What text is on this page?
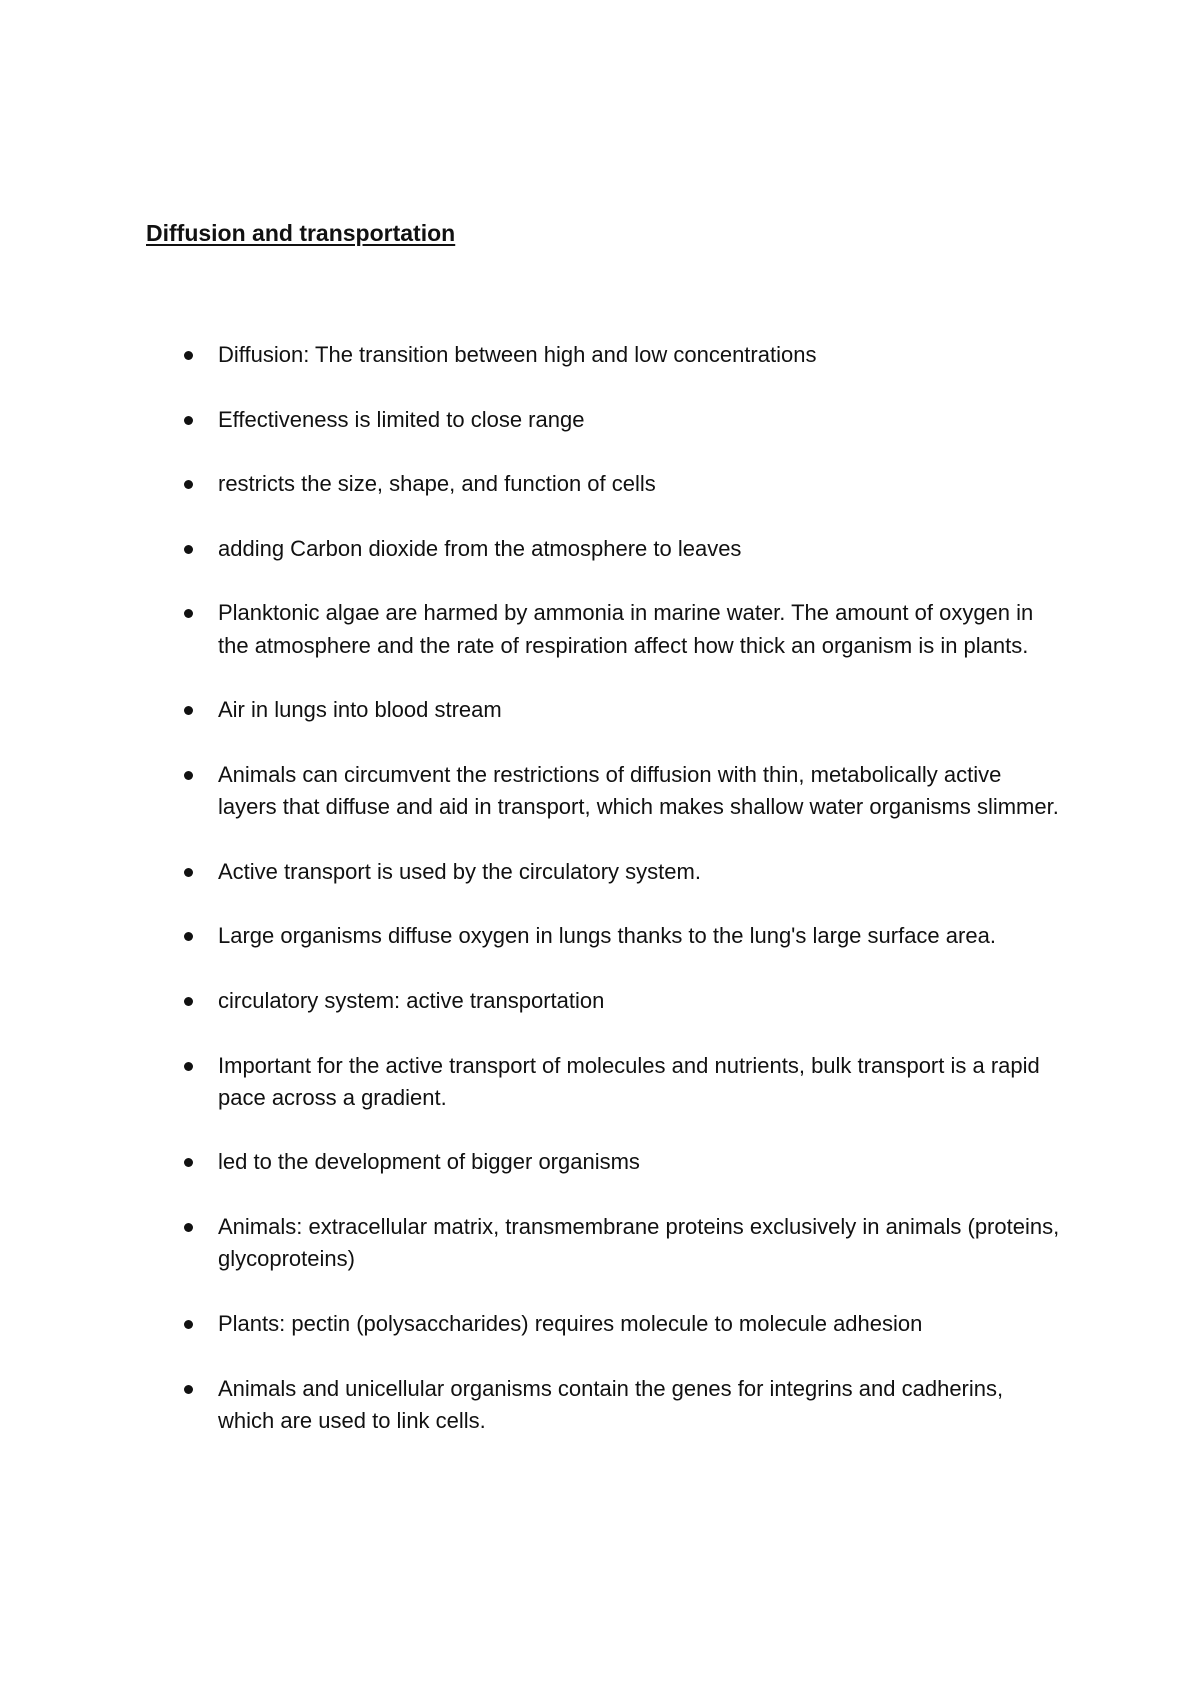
Diffusion and transportation
Diffusion: The transition between high and low concentrations
Effectiveness is limited to close range
restricts the size, shape, and function of cells
adding Carbon dioxide from the atmosphere to leaves
Planktonic algae are harmed by ammonia in marine water. The amount of oxygen in the atmosphere and the rate of respiration affect how thick an organism is in plants.
Air in lungs into blood stream
Animals can circumvent the restrictions of diffusion with thin, metabolically active layers that diffuse and aid in transport, which makes shallow water organisms slimmer.
Active transport is used by the circulatory system.
Large organisms diffuse oxygen in lungs thanks to the lung's large surface area.
circulatory system: active transportation
Important for the active transport of molecules and nutrients, bulk transport is a rapid pace across a gradient.
led to the development of bigger organisms
Animals: extracellular matrix, transmembrane proteins exclusively in animals (proteins, glycoproteins)
Plants: pectin (polysaccharides) requires molecule to molecule adhesion
Animals and unicellular organisms contain the genes for integrins and cadherins, which are used to link cells.
